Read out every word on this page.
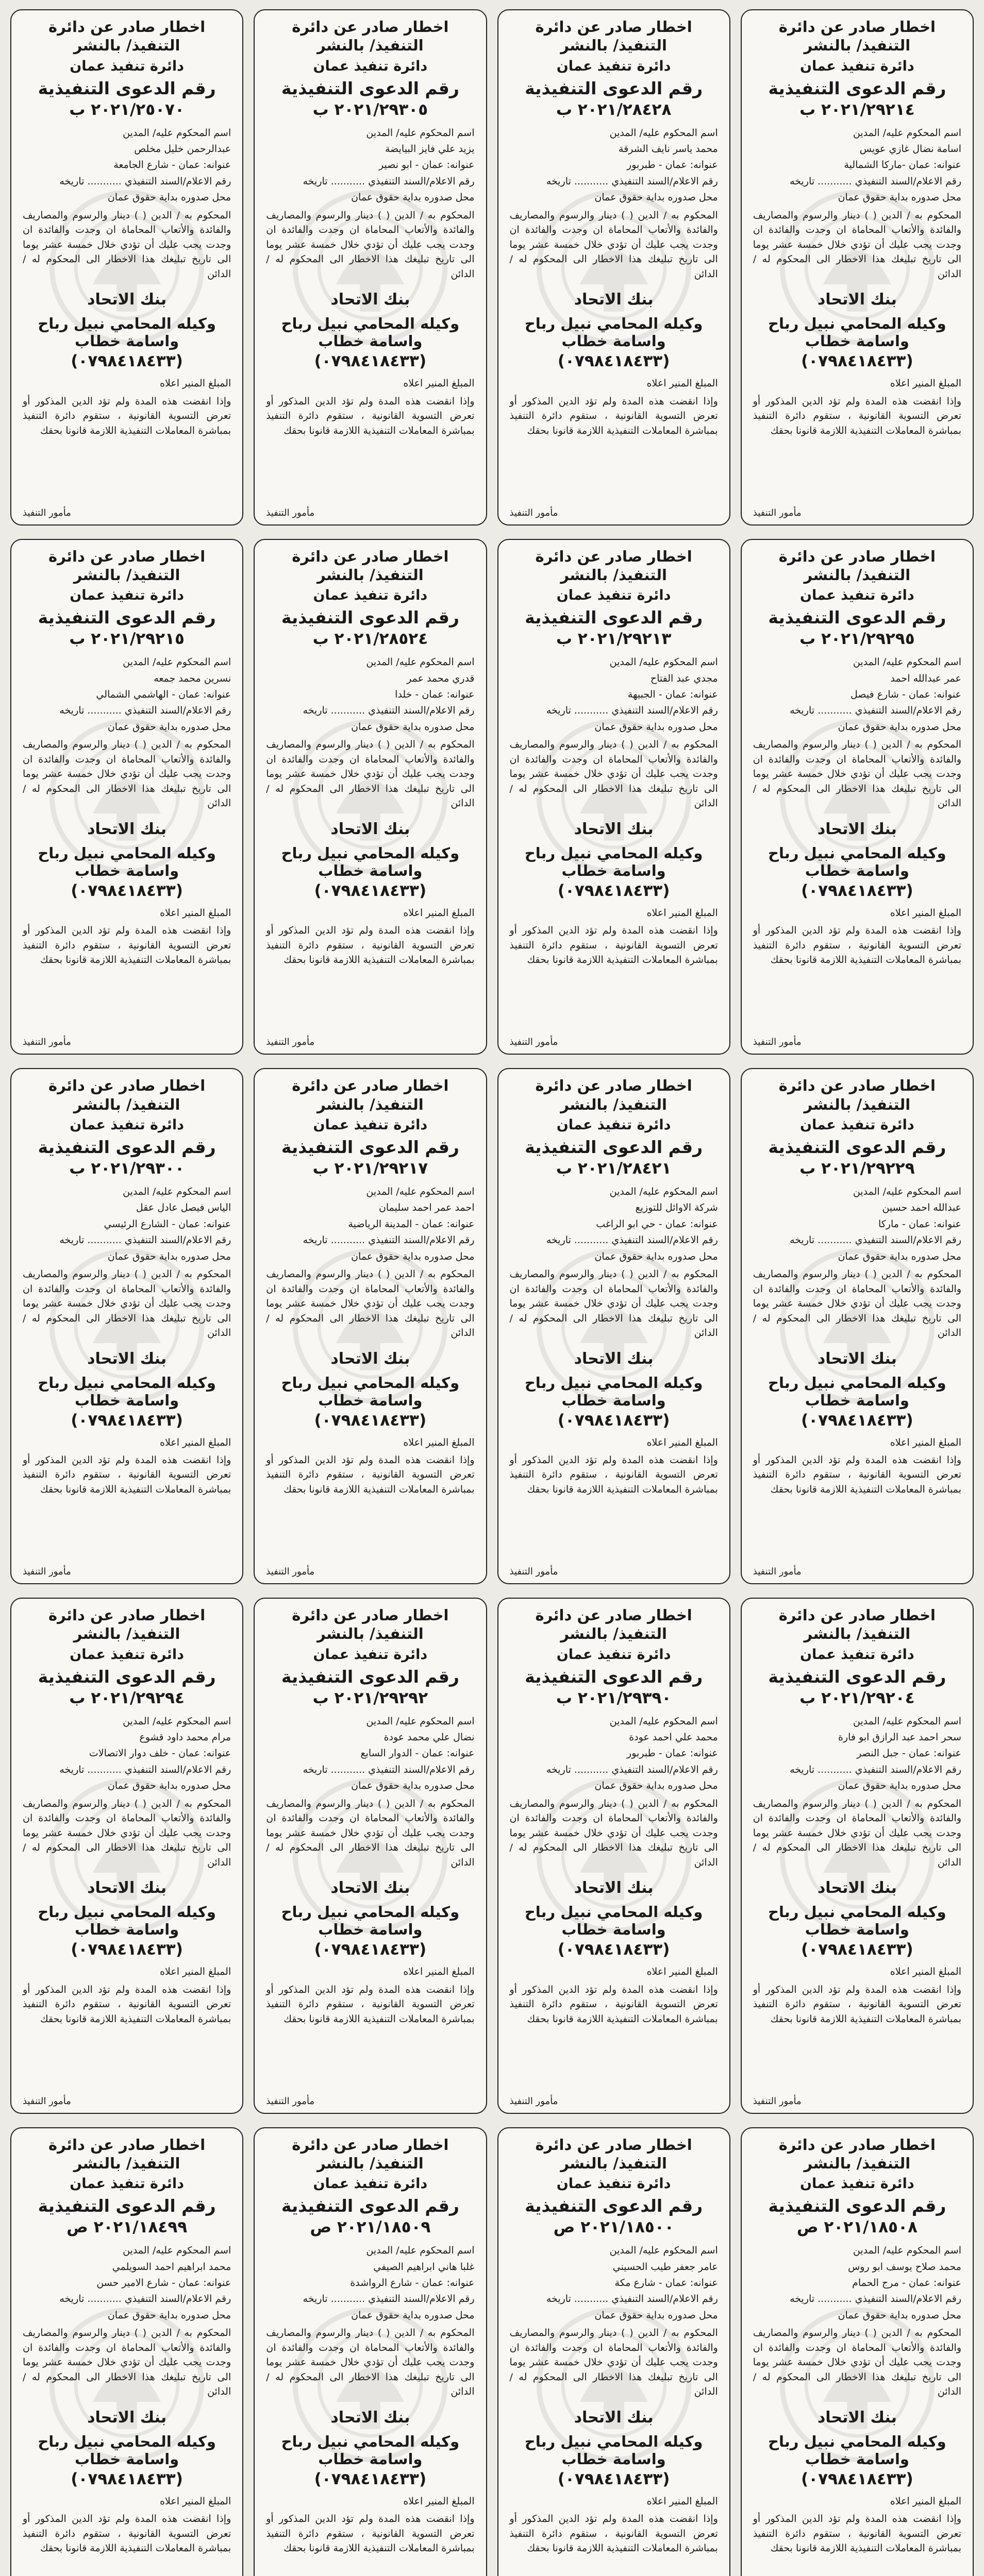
اخطار صادر عن دائرة التنفيذ/ بالنشر
دائرة تنفيذ عمان
رقم الدعوى التنفيذية
٢٠٢١/٢٩٢١٤ ب
اسم المحكوم عليه/ المدين
اسامة نضال غازي عويس
عنوانه: عمان -ماركا الشمالية
رقم الاعلام/السند التنفيذي ........... تاريخه
محل صدوره بداية حقوق عمان
المحكوم به / الدين ( ) دينار والرسوم والمصاريف والفائدة والأتعاب المحاماة ان وجدت والفائدة ان وجدت يجب عليك أن تؤدي خلال خمسة عشر يوما الى تاريخ تبليغك هذا الاخطار الى المحكوم له / الدائن
بنك الاتحاد
وكيله المحامي نبيل رباح واسامة خطاب
(٠٧٩٨٤١٨٤٣٣)
المبلغ المنير اعلاه
وإذا انقضت هذه المدة ولم تؤد الدين المذكور أو تعرض التسوية القانونية ، ستقوم دائرة التنفيذ بمباشرة المعاملات التنفيذية اللازمة قانونا بحقك
مأمور التنفيذ
اخطار صادر عن دائرة التنفيذ/ بالنشر
دائرة تنفيذ عمان
رقم الدعوى التنفيذية
٢٠٢١/٢٨٤٢٨ ب
اسم المحكوم عليه/ المدين
محمد ياسر نايف الشرقة
عنوانه: عمان - طبربور
رقم الاعلام/السند التنفيذي ........... تاريخه
محل صدوره بداية حقوق عمان
المحكوم به / الدين ( ) دينار والرسوم والمصاريف والفائدة والأتعاب المحاماة ان وجدت والفائدة ان وجدت يجب عليك أن تؤدي خلال خمسة عشر يوما الى تاريخ تبليغك هذا الاخطار الى المحكوم له / الدائن
بنك الاتحاد
وكيله المحامي نبيل رباح واسامة خطاب
(٠٧٩٨٤١٨٤٣٣)
المبلغ المنير اعلاه
وإذا انقضت هذه المدة ولم تؤد الدين المذكور أو تعرض التسوية القانونية ، ستقوم دائرة التنفيذ بمباشرة المعاملات التنفيذية اللازمة قانونا بحقك
مأمور التنفيذ
اخطار صادر عن دائرة التنفيذ/ بالنشر
دائرة تنفيذ عمان
رقم الدعوى التنفيذية
٢٠٢١/٢٩٣٠٥ ب
اسم المحكوم عليه/ المدين
يزيد علي فايز البيايضة
عنوانه: عمان - ابو نصير
رقم الاعلام/السند التنفيذي ........... تاريخه
محل صدوره بداية حقوق عمان
المحكوم به / الدين ( ) دينار والرسوم والمصاريف والفائدة والأتعاب المحاماة ان وجدت والفائدة ان وجدت يجب عليك أن تؤدي خلال خمسة عشر يوما الى تاريخ تبليغك هذا الاخطار الى المحكوم له / الدائن
بنك الاتحاد
وكيله المحامي نبيل رباح واسامة خطاب
(٠٧٩٨٤١٨٤٣٣)
المبلغ المنير اعلاه
وإذا انقضت هذه المدة ولم تؤد الدين المذكور أو تعرض التسوية القانونية ، ستقوم دائرة التنفيذ بمباشرة المعاملات التنفيذية اللازمة قانونا بحقك
مأمور التنفيذ
اخطار صادر عن دائرة التنفيذ/ بالنشر
دائرة تنفيذ عمان
رقم الدعوى التنفيذية
٢٠٢١/٢٥٠٧٠ ب
اسم المحكوم عليه/ المدين
عبدالرحمن خليل مخلص
عنوانه: عمان - شارع الجامعة
رقم الاعلام/السند التنفيذي ........... تاريخه
محل صدوره بداية حقوق عمان
المحكوم به / الدين ( ) دينار والرسوم والمصاريف والفائدة والأتعاب المحاماة ان وجدت والفائدة ان وجدت يجب عليك أن تؤدي خلال خمسة عشر يوما الى تاريخ تبليغك هذا الاخطار الى المحكوم له / الدائن
بنك الاتحاد
وكيله المحامي نبيل رباح واسامة خطاب
(٠٧٩٨٤١٨٤٣٣)
المبلغ المنير اعلاه
وإذا انقضت هذه المدة ولم تؤد الدين المذكور أو تعرض التسوية القانونية ، ستقوم دائرة التنفيذ بمباشرة المعاملات التنفيذية اللازمة قانونا بحقك
مأمور التنفيذ
اخطار صادر عن دائرة التنفيذ/ بالنشر
دائرة تنفيذ عمان
رقم الدعوى التنفيذية
٢٠٢١/٢٩٢٩٥ ب
اسم المحكوم عليه/ المدين
عمر عبدالله احمد
عنوانه: عمان - شارع فيصل
رقم الاعلام/السند التنفيذي ........... تاريخه
محل صدوره بداية حقوق عمان
المحكوم به / الدين ( ) دينار والرسوم والمصاريف والفائدة والأتعاب المحاماة ان وجدت والفائدة ان وجدت يجب عليك أن تؤدي خلال خمسة عشر يوما الى تاريخ تبليغك هذا الاخطار الى المحكوم له / الدائن
بنك الاتحاد
وكيله المحامي نبيل رباح واسامة خطاب
(٠٧٩٨٤١٨٤٣٣)
المبلغ المنير اعلاه
وإذا انقضت هذه المدة ولم تؤد الدين المذكور أو تعرض التسوية القانونية ، ستقوم دائرة التنفيذ بمباشرة المعاملات التنفيذية اللازمة قانونا بحقك
مأمور التنفيذ
اخطار صادر عن دائرة التنفيذ/ بالنشر
دائرة تنفيذ عمان
رقم الدعوى التنفيذية
٢٠٢١/٢٩٢١٣ ب
اسم المحكوم عليه/ المدين
مجدي عبد الفتاح
عنوانه: عمان - الجبيهة
رقم الاعلام/السند التنفيذي ........... تاريخه
محل صدوره بداية حقوق عمان
المحكوم به / الدين ( ) دينار والرسوم والمصاريف والفائدة والأتعاب المحاماة ان وجدت والفائدة ان وجدت يجب عليك أن تؤدي خلال خمسة عشر يوما الى تاريخ تبليغك هذا الاخطار الى المحكوم له / الدائن
بنك الاتحاد
وكيله المحامي نبيل رباح واسامة خطاب
(٠٧٩٨٤١٨٤٣٣)
المبلغ المنير اعلاه
وإذا انقضت هذه المدة ولم تؤد الدين المذكور أو تعرض التسوية القانونية ، ستقوم دائرة التنفيذ بمباشرة المعاملات التنفيذية اللازمة قانونا بحقك
مأمور التنفيذ
اخطار صادر عن دائرة التنفيذ/ بالنشر
دائرة تنفيذ عمان
رقم الدعوى التنفيذية
٢٠٢١/٢٨٥٢٤ ب
اسم المحكوم عليه/ المدين
قدري محمد عمر
عنوانه: عمان - خلدا
رقم الاعلام/السند التنفيذي ........... تاريخه
محل صدوره بداية حقوق عمان
المحكوم به / الدين ( ) دينار والرسوم والمصاريف والفائدة والأتعاب المحاماة ان وجدت والفائدة ان وجدت يجب عليك أن تؤدي خلال خمسة عشر يوما الى تاريخ تبليغك هذا الاخطار الى المحكوم له / الدائن
بنك الاتحاد
وكيله المحامي نبيل رباح واسامة خطاب
(٠٧٩٨٤١٨٤٣٣)
المبلغ المنير اعلاه
وإذا انقضت هذه المدة ولم تؤد الدين المذكور أو تعرض التسوية القانونية ، ستقوم دائرة التنفيذ بمباشرة المعاملات التنفيذية اللازمة قانونا بحقك
مأمور التنفيذ
اخطار صادر عن دائرة التنفيذ/ بالنشر
دائرة تنفيذ عمان
رقم الدعوى التنفيذية
٢٠٢١/٢٩٢١٥ ب
اسم المحكوم عليه/ المدين
نسرين محمد جمعه
عنوانه: عمان - الهاشمي الشمالي
رقم الاعلام/السند التنفيذي ........... تاريخه
محل صدوره بداية حقوق عمان
المحكوم به / الدين ( ) دينار والرسوم والمصاريف والفائدة والأتعاب المحاماة ان وجدت والفائدة ان وجدت يجب عليك أن تؤدي خلال خمسة عشر يوما الى تاريخ تبليغك هذا الاخطار الى المحكوم له / الدائن
بنك الاتحاد
وكيله المحامي نبيل رباح واسامة خطاب
(٠٧٩٨٤١٨٤٣٣)
المبلغ المنير اعلاه
وإذا انقضت هذه المدة ولم تؤد الدين المذكور أو تعرض التسوية القانونية ، ستقوم دائرة التنفيذ بمباشرة المعاملات التنفيذية اللازمة قانونا بحقك
مأمور التنفيذ
اخطار صادر عن دائرة التنفيذ/ بالنشر
دائرة تنفيذ عمان
رقم الدعوى التنفيذية
٢٠٢١/٢٩٢٢٩ ب
اسم المحكوم عليه/ المدين
عبدالله احمد حسين
عنوانه: عمان - ماركا
رقم الاعلام/السند التنفيذي ........... تاريخه
محل صدوره بداية حقوق عمان
المحكوم به / الدين ( ) دينار والرسوم والمصاريف والفائدة والأتعاب المحاماة ان وجدت والفائدة ان وجدت يجب عليك أن تؤدي خلال خمسة عشر يوما الى تاريخ تبليغك هذا الاخطار الى المحكوم له / الدائن
بنك الاتحاد
وكيله المحامي نبيل رباح واسامة خطاب
(٠٧٩٨٤١٨٤٣٣)
المبلغ المنير اعلاه
وإذا انقضت هذه المدة ولم تؤد الدين المذكور أو تعرض التسوية القانونية ، ستقوم دائرة التنفيذ بمباشرة المعاملات التنفيذية اللازمة قانونا بحقك
مأمور التنفيذ
اخطار صادر عن دائرة التنفيذ/ بالنشر
دائرة تنفيذ عمان
رقم الدعوى التنفيذية
٢٠٢١/٢٨٤٢١ ب
اسم المحكوم عليه/ المدين
شركة الاوائل للتوزيع
عنوانه: عمان - حي ابو الراغب
رقم الاعلام/السند التنفيذي ........... تاريخه
محل صدوره بداية حقوق عمان
المحكوم به / الدين ( ) دينار والرسوم والمصاريف والفائدة والأتعاب المحاماة ان وجدت والفائدة ان وجدت يجب عليك أن تؤدي خلال خمسة عشر يوما الى تاريخ تبليغك هذا الاخطار الى المحكوم له / الدائن
بنك الاتحاد
وكيله المحامي نبيل رباح واسامة خطاب
(٠٧٩٨٤١٨٤٣٣)
المبلغ المنير اعلاه
وإذا انقضت هذه المدة ولم تؤد الدين المذكور أو تعرض التسوية القانونية ، ستقوم دائرة التنفيذ بمباشرة المعاملات التنفيذية اللازمة قانونا بحقك
مأمور التنفيذ
اخطار صادر عن دائرة التنفيذ/ بالنشر
دائرة تنفيذ عمان
رقم الدعوى التنفيذية
٢٠٢١/٢٩٢١٧ ب
اسم المحكوم عليه/ المدين
احمد عمر احمد سليمان
عنوانه: عمان - المدينة الرياضية
رقم الاعلام/السند التنفيذي ........... تاريخه
محل صدوره بداية حقوق عمان
المحكوم به / الدين ( ) دينار والرسوم والمصاريف والفائدة والأتعاب المحاماة ان وجدت والفائدة ان وجدت يجب عليك أن تؤدي خلال خمسة عشر يوما الى تاريخ تبليغك هذا الاخطار الى المحكوم له / الدائن
بنك الاتحاد
وكيله المحامي نبيل رباح واسامة خطاب
(٠٧٩٨٤١٨٤٣٣)
المبلغ المنير اعلاه
وإذا انقضت هذه المدة ولم تؤد الدين المذكور أو تعرض التسوية القانونية ، ستقوم دائرة التنفيذ بمباشرة المعاملات التنفيذية اللازمة قانونا بحقك
مأمور التنفيذ
اخطار صادر عن دائرة التنفيذ/ بالنشر
دائرة تنفيذ عمان
رقم الدعوى التنفيذية
٢٠٢١/٢٩٣٠٠ ب
اسم المحكوم عليه/ المدين
الياس فيصل عادل عقل
عنوانه: عمان - الشارع الرئيسي
رقم الاعلام/السند التنفيذي ........... تاريخه
محل صدوره بداية حقوق عمان
المحكوم به / الدين ( ) دينار والرسوم والمصاريف والفائدة والأتعاب المحاماة ان وجدت والفائدة ان وجدت يجب عليك أن تؤدي خلال خمسة عشر يوما الى تاريخ تبليغك هذا الاخطار الى المحكوم له / الدائن
بنك الاتحاد
وكيله المحامي نبيل رباح واسامة خطاب
(٠٧٩٨٤١٨٤٣٣)
المبلغ المنير اعلاه
وإذا انقضت هذه المدة ولم تؤد الدين المذكور أو تعرض التسوية القانونية ، ستقوم دائرة التنفيذ بمباشرة المعاملات التنفيذية اللازمة قانونا بحقك
مأمور التنفيذ
اخطار صادر عن دائرة التنفيذ/ بالنشر
دائرة تنفيذ عمان
رقم الدعوى التنفيذية
٢٠٢١/٢٩٢٠٤ ب
اسم المحكوم عليه/ المدين
سحر احمد عبد الرازق ابو فارة
عنوانه: عمان - جبل النصر
رقم الاعلام/السند التنفيذي ........... تاريخه
محل صدوره بداية حقوق عمان
المحكوم به / الدين ( ) دينار والرسوم والمصاريف والفائدة والأتعاب المحاماة ان وجدت والفائدة ان وجدت يجب عليك أن تؤدي خلال خمسة عشر يوما الى تاريخ تبليغك هذا الاخطار الى المحكوم له / الدائن
بنك الاتحاد
وكيله المحامي نبيل رباح واسامة خطاب
(٠٧٩٨٤١٨٤٣٣)
المبلغ المنير اعلاه
وإذا انقضت هذه المدة ولم تؤد الدين المذكور أو تعرض التسوية القانونية ، ستقوم دائرة التنفيذ بمباشرة المعاملات التنفيذية اللازمة قانونا بحقك
مأمور التنفيذ
اخطار صادر عن دائرة التنفيذ/ بالنشر
دائرة تنفيذ عمان
رقم الدعوى التنفيذية
٢٠٢١/٢٩٣٩٠ ب
اسم المحكوم عليه/ المدين
محمد علي احمد عودة
عنوانه: عمان - طبربور
رقم الاعلام/السند التنفيذي ........... تاريخه
محل صدوره بداية حقوق عمان
المحكوم به / الدين ( ) دينار والرسوم والمصاريف والفائدة والأتعاب المحاماة ان وجدت والفائدة ان وجدت يجب عليك أن تؤدي خلال خمسة عشر يوما الى تاريخ تبليغك هذا الاخطار الى المحكوم له / الدائن
بنك الاتحاد
وكيله المحامي نبيل رباح واسامة خطاب
(٠٧٩٨٤١٨٤٣٣)
المبلغ المنير اعلاه
وإذا انقضت هذه المدة ولم تؤد الدين المذكور أو تعرض التسوية القانونية ، ستقوم دائرة التنفيذ بمباشرة المعاملات التنفيذية اللازمة قانونا بحقك
مأمور التنفيذ
اخطار صادر عن دائرة التنفيذ/ بالنشر
دائرة تنفيذ عمان
رقم الدعوى التنفيذية
٢٠٢١/٢٩٢٩٢ ب
اسم المحكوم عليه/ المدين
نضال علي محمد عودة
عنوانه: عمان - الدوار السابع
رقم الاعلام/السند التنفيذي ........... تاريخه
محل صدوره بداية حقوق عمان
المحكوم به / الدين ( ) دينار والرسوم والمصاريف والفائدة والأتعاب المحاماة ان وجدت والفائدة ان وجدت يجب عليك أن تؤدي خلال خمسة عشر يوما الى تاريخ تبليغك هذا الاخطار الى المحكوم له / الدائن
بنك الاتحاد
وكيله المحامي نبيل رباح واسامة خطاب
(٠٧٩٨٤١٨٤٣٣)
المبلغ المنير اعلاه
وإذا انقضت هذه المدة ولم تؤد الدين المذكور أو تعرض التسوية القانونية ، ستقوم دائرة التنفيذ بمباشرة المعاملات التنفيذية اللازمة قانونا بحقك
مأمور التنفيذ
اخطار صادر عن دائرة التنفيذ/ بالنشر
دائرة تنفيذ عمان
رقم الدعوى التنفيذية
٢٠٢١/٢٩٢٩٤ ب
اسم المحكوم عليه/ المدين
مرام محمد داود قشوع
عنوانه: عمان - خلف دوار الاتصالات
رقم الاعلام/السند التنفيذي ........... تاريخه
محل صدوره بداية حقوق عمان
المحكوم به / الدين ( ) دينار والرسوم والمصاريف والفائدة والأتعاب المحاماة ان وجدت والفائدة ان وجدت يجب عليك أن تؤدي خلال خمسة عشر يوما الى تاريخ تبليغك هذا الاخطار الى المحكوم له / الدائن
بنك الاتحاد
وكيله المحامي نبيل رباح واسامة خطاب
(٠٧٩٨٤١٨٤٣٣)
المبلغ المنير اعلاه
وإذا انقضت هذه المدة ولم تؤد الدين المذكور أو تعرض التسوية القانونية ، ستقوم دائرة التنفيذ بمباشرة المعاملات التنفيذية اللازمة قانونا بحقك
مأمور التنفيذ
اخطار صادر عن دائرة التنفيذ/ بالنشر
دائرة تنفيذ عمان
رقم الدعوى التنفيذية
٢٠٢١/١٨٥٠٨ ص
اسم المحكوم عليه/ المدين
محمد صلاح يوسف ابو روس
عنوانه: عمان - مرج الحمام
رقم الاعلام/السند التنفيذي ........... تاريخه
محل صدوره بداية حقوق عمان
المحكوم به / الدين ( ) دينار والرسوم والمصاريف والفائدة والأتعاب المحاماة ان وجدت والفائدة ان وجدت يجب عليك أن تؤدي خلال خمسة عشر يوما الى تاريخ تبليغك هذا الاخطار الى المحكوم له / الدائن
بنك الاتحاد
وكيله المحامي نبيل رباح واسامة خطاب
(٠٧٩٨٤١٨٤٣٣)
المبلغ المنير اعلاه
وإذا انقضت هذه المدة ولم تؤد الدين المذكور أو تعرض التسوية القانونية ، ستقوم دائرة التنفيذ بمباشرة المعاملات التنفيذية اللازمة قانونا بحقك
اخطار صادر عن دائرة التنفيذ/ بالنشر
دائرة تنفيذ عمان
رقم الدعوى التنفيذية
٢٠٢١/١٨٥٠٠ ص
اسم المحكوم عليه/ المدين
عامر جعفر طيب الحسيني
عنوانه: عمان - شارع مكة
رقم الاعلام/السند التنفيذي ........... تاريخه
محل صدوره بداية حقوق عمان
المحكوم به / الدين ( ) دينار والرسوم والمصاريف والفائدة والأتعاب المحاماة ان وجدت والفائدة ان وجدت يجب عليك أن تؤدي خلال خمسة عشر يوما الى تاريخ تبليغك هذا الاخطار الى المحكوم له / الدائن
بنك الاتحاد
وكيله المحامي نبيل رباح واسامة خطاب
(٠٧٩٨٤١٨٤٣٣)
المبلغ المنير اعلاه
وإذا انقضت هذه المدة ولم تؤد الدين المذكور أو تعرض التسوية القانونية ، ستقوم دائرة التنفيذ بمباشرة المعاملات التنفيذية اللازمة قانونا بحقك
اخطار صادر عن دائرة التنفيذ/ بالنشر
دائرة تنفيذ عمان
رقم الدعوى التنفيذية
٢٠٢١/١٨٥٠٩ ص
اسم المحكوم عليه/ المدين
غلبا هاني ابراهيم الصيفي
عنوانه: عمان - شارع الرواشدة
رقم الاعلام/السند التنفيذي ........... تاريخه
محل صدوره بداية حقوق عمان
المحكوم به / الدين ( ) دينار والرسوم والمصاريف والفائدة والأتعاب المحاماة ان وجدت والفائدة ان وجدت يجب عليك أن تؤدي خلال خمسة عشر يوما الى تاريخ تبليغك هذا الاخطار الى المحكوم له / الدائن
بنك الاتحاد
وكيله المحامي نبيل رباح واسامة خطاب
(٠٧٩٨٤١٨٤٣٣)
المبلغ المنير اعلاه
وإذا انقضت هذه المدة ولم تؤد الدين المذكور أو تعرض التسوية القانونية ، ستقوم دائرة التنفيذ بمباشرة المعاملات التنفيذية اللازمة قانونا بحقك
اخطار صادر عن دائرة التنفيذ/ بالنشر
دائرة تنفيذ عمان
رقم الدعوى التنفيذية
٢٠٢١/١٨٤٩٩ ص
اسم المحكوم عليه/ المدين
محمد ابراهيم احمد السويلمي
عنوانه: عمان - شارع الامير حسن
رقم الاعلام/السند التنفيذي ........... تاريخه
محل صدوره بداية حقوق عمان
المحكوم به / الدين ( ) دينار والرسوم والمصاريف والفائدة والأتعاب المحاماة ان وجدت والفائدة ان وجدت يجب عليك أن تؤدي خلال خمسة عشر يوما الى تاريخ تبليغك هذا الاخطار الى المحكوم له / الدائن
بنك الاتحاد
وكيله المحامي نبيل رباح واسامة خطاب
(٠٧٩٨٤١٨٤٣٣)
المبلغ المنير اعلاه
وإذا انقضت هذه المدة ولم تؤد الدين المذكور أو تعرض التسوية القانونية ، ستقوم دائرة التنفيذ بمباشرة المعاملات التنفيذية اللازمة قانونا بحقك
